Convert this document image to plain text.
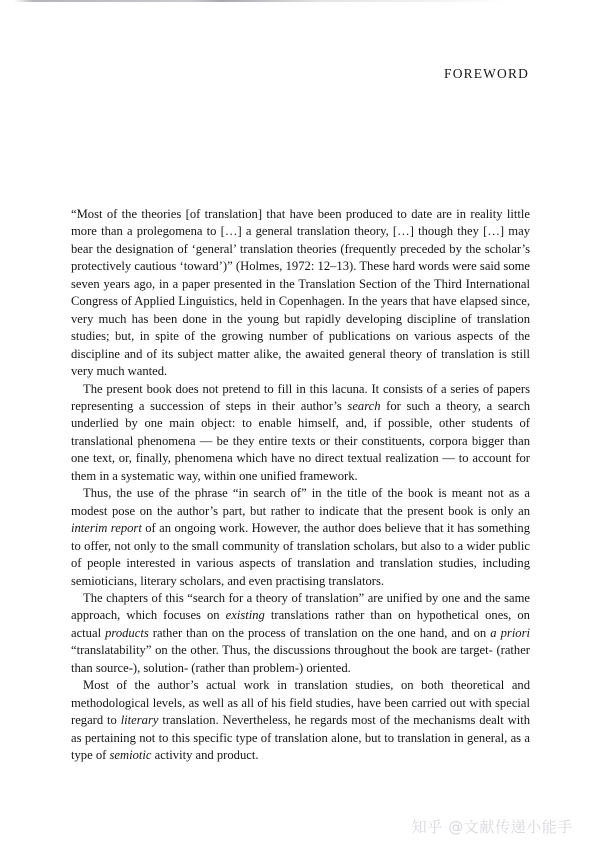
FOREWORD

“Most of the theories [of translation] that have been produced to date are in reality little more than a prolegomena to […] a general translation theory, […] though they […] may bear the designation of ‘general’ translation theories (frequently preceded by the scholar’s protectively cautious ‘toward’)” (Holmes, 1972: 12–13). These hard words were said some seven years ago, in a paper presented in the Translation Section of the Third International Congress of Applied Linguistics, held in Copenhagen. In the years that have elapsed since, very much has been done in the young but rapidly developing discipline of translation studies; but, in spite of the growing number of publications on various aspects of the discipline and of its subject matter alike, the awaited general theory of translation is still very much wanted.

The present book does not pretend to fill in this lacuna. It consists of a series of papers representing a succession of steps in their author’s search for such a theory, a search underlied by one main object: to enable himself, and, if possible, other students of translational phenomena — be they entire texts or their constituents, corpora bigger than one text, or, finally, phenomena which have no direct textual realization — to account for them in a systematic way, within one unified framework.

Thus, the use of the phrase “in search of” in the title of the book is meant not as a modest pose on the author’s part, but rather to indicate that the present book is only an interim report of an ongoing work. However, the author does believe that it has something to offer, not only to the small community of translation scholars, but also to a wider public of people interested in various aspects of translation and translation studies, including semioticians, literary scholars, and even practising translators.

The chapters of this “search for a theory of translation” are unified by one and the same approach, which focuses on existing translations rather than on hypothetical ones, on actual products rather than on the process of translation on the one hand, and on a priori “translatability” on the other. Thus, the discussions throughout the book are target- (rather than source-), solution- (rather than problem-) oriented.

Most of the author’s actual work in translation studies, on both theoretical and methodological levels, as well as all of his field studies, have been carried out with special regard to literary translation. Nevertheless, he regards most of the mechanisms dealt with as pertaining not to this specific type of translation alone, but to translation in general, as a type of semiotic activity and product.

知乎 @文献传递小能手
